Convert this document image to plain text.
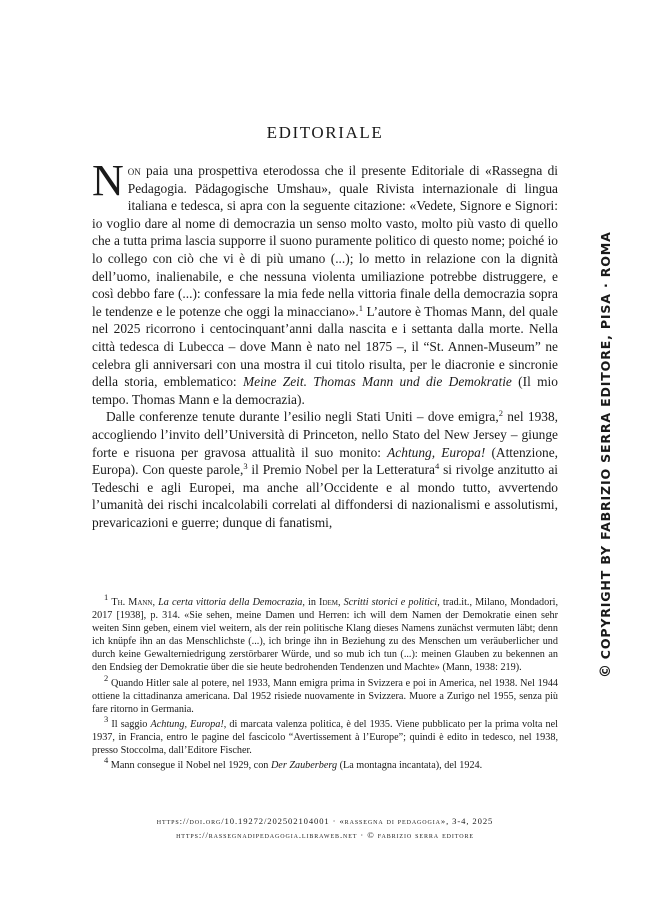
EDITORIALE

Non paia una prospettiva eterodossa che il presente Editoriale di «Rassegna di Pedagogia. Pädagogische Umshau», quale Rivista internazionale di lingua italiana e tedesca, si apra con la seguente citazione: «Vedete, Signore e Signori: io voglio dare al nome di democrazia un senso molto vasto, molto più vasto di quello che a tutta prima lascia supporre il suono puramente politico di questo nome; poiché io lo collego con ciò che vi è di più umano (...); lo metto in relazione con la dignità dell’uomo, inalienabile, e che nessuna violenta umiliazione potrebbe distruggere, e così debbo fare (...): confessare la mia fede nella vittoria finale della democrazia sopra le tendenze e le potenze che oggi la minacciano».$^1$ L’autore è Thomas Mann, del quale nel 2025 ricorrono i centocinquant’anni dalla nascita e i settanta dalla morte. Nella città tedesca di Lubecca – dove Mann è nato nel 1875 –, il “St. Annen-Museum” ne celebra gli anniversari con una mostra il cui titolo risulta, per le diacronie e sincronie della storia, emblematico: Meine Zeit. Thomas Mann und die Demokratie (Il mio tempo. Thomas Mann e la democrazia).

Dalle conferenze tenute durante l’esilio negli Stati Uniti – dove emigra,$^2$ nel 1938, accogliendo l’invito dell’Università di Princeton, nello Stato del New Jersey – giunge forte e risuona per gravosa attualità il suo monito: Achtung, Europa! (Attenzione, Europa). Con queste parole,$^3$ il Premio Nobel per la Letteratura$^4$ si rivolge anzitutto ai Tedeschi e agli Europei, ma anche all’Occidente e al mondo tutto, avvertendo l’umanità dei rischi incalcolabili correlati al diffondersi di nazionalismi e assolutismi, prevaricazioni e guerre; dunque di fanatismi,

$^1$ Th. Mann, La certa vittoria della Democrazia, in Idem, Scritti storici e politici, trad.it., Milano, Mondadori, 2017 [1938], p. 314. «Sie sehen, meine Damen und Herren: ich will dem Namen der Demokratie einen sehr weiten Sinn geben, einem viel weitern, als der rein politische Klang dieses Namens zunächst vermuten läbt; denn ich knüpfe ihn an das Menschlichste (...), ich bringe ihn in Beziehung zu des Menschen um veräuberlicher und durch keine Gewalterniedrigung zerstörbarer Würde, und so mub ich tun (...): meinen Glauben zu bekennen an den Endsieg der Demokratie über die sie heute bedrohenden Tendenzen und Machte» (Mann, 1938: 219).

$^2$ Quando Hitler sale al potere, nel 1933, Mann emigra prima in Svizzera e poi in America, nel 1938. Nel 1944 ottiene la cittadinanza americana. Dal 1952 risiede nuovamente in Svizzera. Muore a Zurigo nel 1955, senza più fare ritorno in Germania.

$^3$ Il saggio Achtung, Europa!, di marcata valenza politica, è del 1935. Viene pubblicato per la prima volta nel 1937, in Francia, entro le pagine del fascicolo “Avertissement à l’Europe”; quindi è edito in tedesco, nel 1938, presso Stoccolma, dall’Editore Fischer.

$^4$ Mann consegue il Nobel nel 1929, con Der Zauberberg (La montagna incantata), del 1924.

https://doi.org/10.19272/202502104001 · «rassegna di pedagogia», 3-4, 2025
https://rassegnadipedagogia.libraweb.net · © fabrizio serra editore
©COPYRIGHT BY FABRIZIO SERRA EDITORE, PISA · ROMA
